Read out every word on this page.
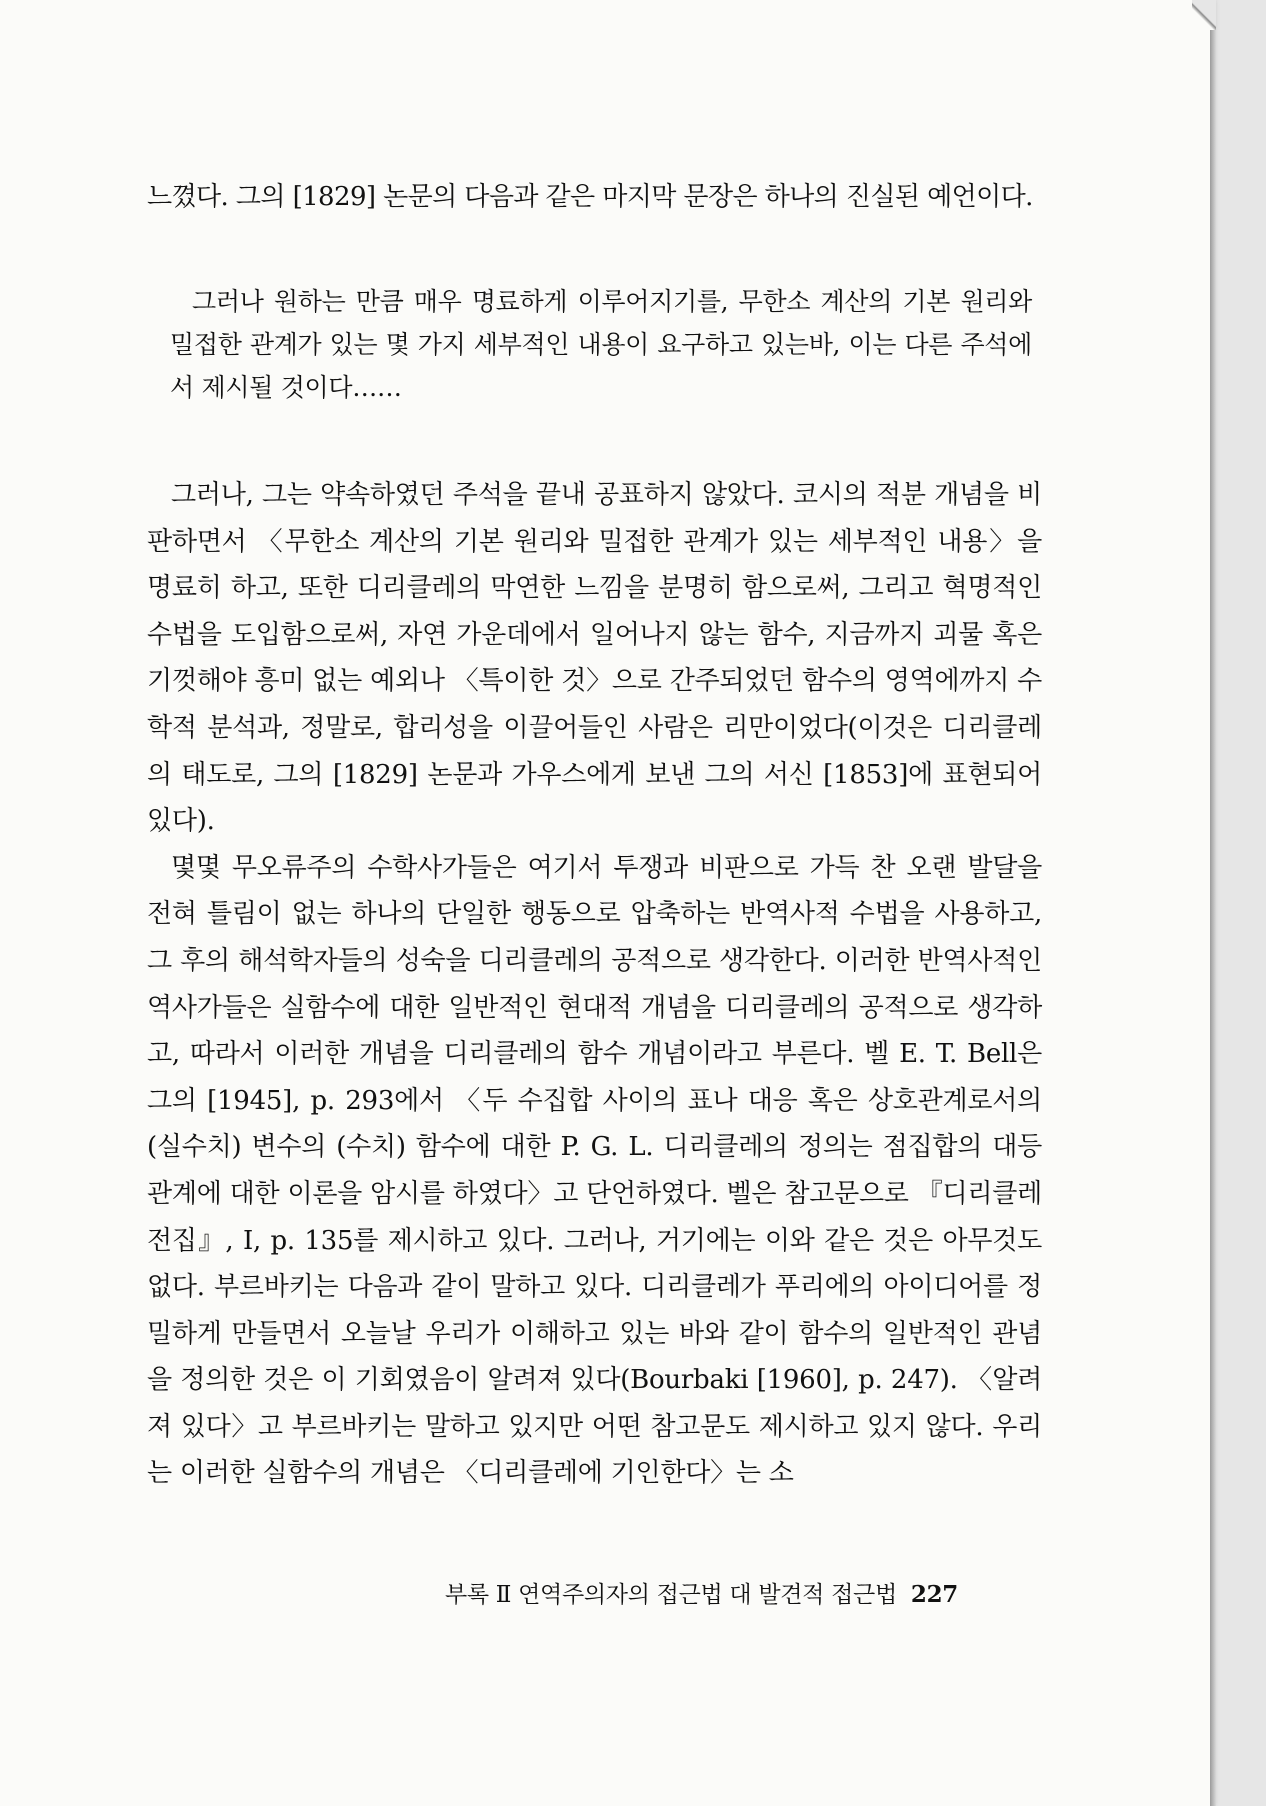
느꼈다. 그의 [1829] 논문의 다음과 같은 마지막 문장은 하나의 진실된 예언이다.
그러나 원하는 만큼 매우 명료하게 이루어지기를, 무한소 계산의 기본 원리와 밀접한 관계가 있는 몇 가지 세부적인 내용이 요구하고 있는바, 이는 다른 주석에서 제시될 것이다……

그러나, 그는 약속하였던 주석을 끝내 공표하지 않았다. 코시의 적분 개념을 비판하면서 〈무한소 계산의 기본 원리와 밀접한 관계가 있는 세부적인 내용〉을 명료히 하고, 또한 디리클레의 막연한 느낌을 분명히 함으로써, 그리고 혁명적인 수법을 도입함으로써, 자연 가운데에서 일어나지 않는 함수, 지금까지 괴물 혹은 기껏해야 흥미 없는 예외나 〈특이한 것〉으로 간주되었던 함수의 영역에까지 수학적 분석과, 정말로, 합리성을 이끌어들인 사람은 리만이었다(이것은 디리클레의 태도로, 그의 [1829] 논문과 가우스에게 보낸 그의 서신 [1853]에 표현되어 있다).

몇몇 무오류주의 수학사가들은 여기서 투쟁과 비판으로 가득 찬 오랜 발달을 전혀 틀림이 없는 하나의 단일한 행동으로 압축하는 반역사적 수법을 사용하고, 그 후의 해석학자들의 성숙을 디리클레의 공적으로 생각한다. 이러한 반역사적인 역사가들은 실함수에 대한 일반적인 현대적 개념을 디리클레의 공적으로 생각하고, 따라서 이러한 개념을 디리클레의 함수 개념이라고 부른다. 벨 E. T. Bell은 그의 [1945], p. 293에서 〈두 수집합 사이의 표나 대응 혹은 상호관계로서의 (실수치) 변수의 (수치) 함수에 대한 P. G. L. 디리클레의 정의는 점집합의 대등관계에 대한 이론을 암시를 하였다〉고 단언하였다. 벨은 참고문으로 『디리클레 전집』, I, p. 135를 제시하고 있다. 그러나, 거기에는 이와 같은 것은 아무것도 없다. 부르바키는 다음과 같이 말하고 있다. 디리클레가 푸리에의 아이디어를 정밀하게 만들면서 오늘날 우리가 이해하고 있는 바와 같이 함수의 일반적인 관념을 정의한 것은 이 기회였음이 알려져 있다(Bourbaki [1960], p. 247). 〈알려져 있다〉고 부르바키는 말하고 있지만 어떤 참고문도 제시하고 있지 않다. 우리는 이러한 실함수의 개념은 〈디리클레에 기인한다〉는 소

부록 Ⅱ 연역주의자의 접근법 대 발견적 접근법 227
